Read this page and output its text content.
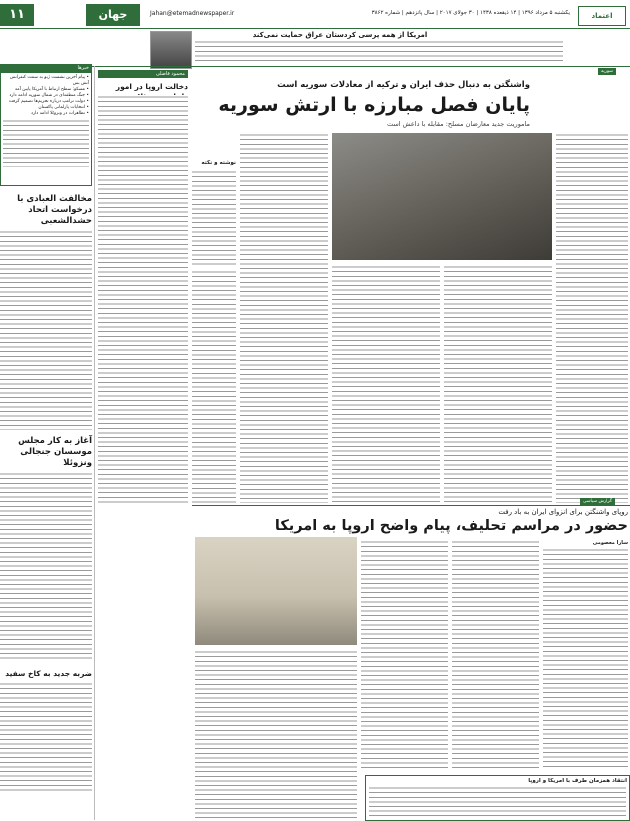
١١	جهان	Jahan@etemadnewspaper.ir	یکشنبه ۵ مرداد ۱۳۹۶ | ۱۴ ذیقعده ۱۴۳۸ | ۳۰ جولای ۲۰۱۷ | سال پانزدهم | شماره ۳۸۶۲	اعتماد
امریکا از همه پرسی کردستان عراق حمایت نمی‌کند
خبرها
• پیام آخرین نشست ژنو به سمت کنفرانس آتش بس
• مسکو: سطح ارتباط با آمریکا پایین آمد
• جنگ منطقه‌ای در شمال سوریه ادامه دارد
• دولت ترامپ درباره تحریم‌ها تصمیم گرفت
• انتخابات پارلمانی پاکستان
• تظاهرات در ونزوئلا ادامه دارد
مخالفت العبادی با درخواست اتحاد حشدالشعبی
آغاز به کار مجلس موسسان جنجالی ونزوئلا
ضربه جدید به کاخ سفید
محمود فاضلی
دخالت اروپا در امور
نوشته و نکته
سوریه
واشنگتن به دنبال حذف ایران و ترکیه از معادلات سوریه است
پایان فصل مبارزه با ارتش سوریه
ماموریت جدید معارضان مسلح: مقابله با داعش است
گزارش سیاسی
روپای واشنگتن برای انزوای ایران به باد رفت
حضور در مراسم تحلیف، پیام واضح اروپا به امریکا
سارا معصومی
انتقاد همزمان طرف با امریکا و اروپا
